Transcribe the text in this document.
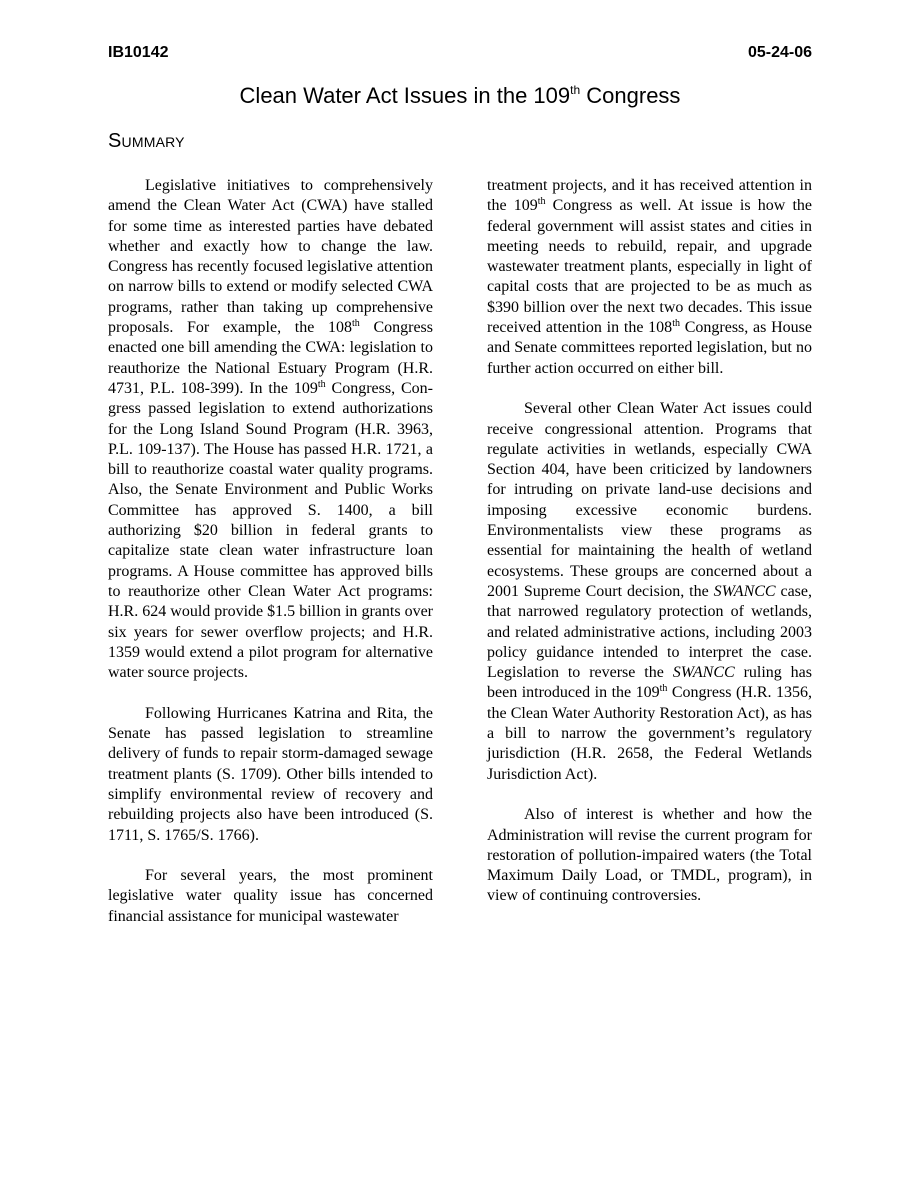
IB10142	05-24-06
Clean Water Act Issues in the 109th Congress
Summary

Legislative initiatives to comprehensively amend the Clean Water Act (CWA) have stalled for some time as interested parties have debated whether and exactly how to change the law. Congress has recently focused legislative attention on narrow bills to extend or modify selected CWA programs, rather than taking up comprehensive proposals. For example, the 108th Congress enacted one bill amending the CWA: legislation to reauthorize the National Estuary Program (H.R. 4731, P.L. 108-399). In the 109th Congress, Congress passed legislation to extend authorizations for the Long Island Sound Program (H.R. 3963, P.L. 109-137). The House has passed H.R. 1721, a bill to reauthorize coastal water quality programs. Also, the Senate Environment and Public Works Committee has approved S. 1400, a bill authorizing $20 billion in federal grants to capitalize state clean water infrastructure loan programs. A House committee has approved bills to reauthorize other Clean Water Act programs: H.R. 624 would provide $1.5 billion in grants over six years for sewer overflow projects; and H.R. 1359 would extend a pilot program for alternative water source projects.

Following Hurricanes Katrina and Rita, the Senate has passed legislation to streamline delivery of funds to repair storm-damaged sewage treatment plants (S. 1709). Other bills intended to simplify environmental review of recovery and rebuilding projects also have been introduced (S. 1711, S. 1765/S. 1766).

For several years, the most prominent legislative water quality issue has concerned financial assistance for municipal wastewater

treatment projects, and it has received attention in the 109th Congress as well. At issue is how the federal government will assist states and cities in meeting needs to rebuild, repair, and upgrade wastewater treatment plants, especially in light of capital costs that are projected to be as much as $390 billion over the next two decades. This issue received attention in the 108th Congress, as House and Senate committees reported legislation, but no further action occurred on either bill.

Several other Clean Water Act issues could receive congressional attention. Programs that regulate activities in wetlands, especially CWA Section 404, have been criticized by landowners for intruding on private land-use decisions and imposing excessive economic burdens. Environmentalists view these programs as essential for maintaining the health of wetland ecosystems. These groups are concerned about a 2001 Supreme Court decision, the SWANCC case, that narrowed regulatory protection of wetlands, and related administrative actions, including 2003 policy guidance intended to interpret the case. Legislation to reverse the SWANCC ruling has been introduced in the 109th Congress (H.R. 1356, the Clean Water Authority Restoration Act), as has a bill to narrow the government’s regulatory jurisdiction (H.R. 2658, the Federal Wetlands Jurisdiction Act).

Also of interest is whether and how the Administration will revise the current program for restoration of pollution-impaired waters (the Total Maximum Daily Load, or TMDL, program), in view of continuing controversies.
